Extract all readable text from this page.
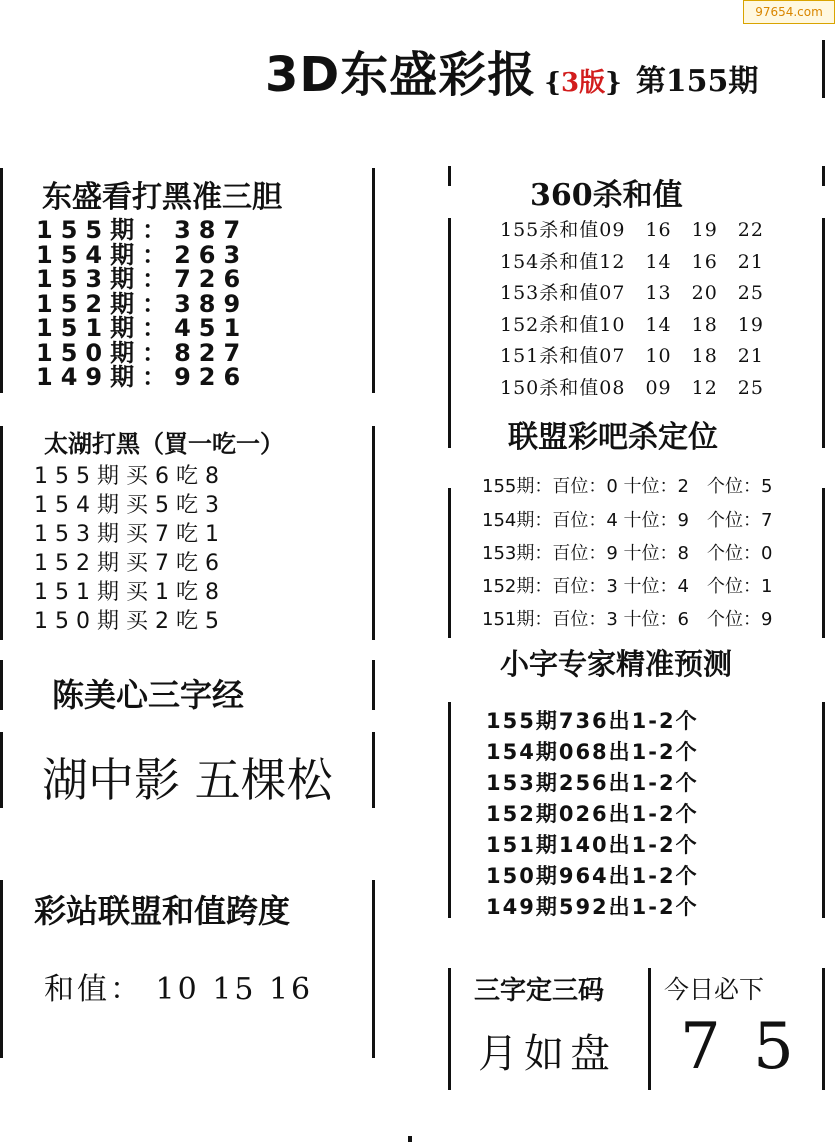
97654.com
3D东盛彩报 {3版} 第155期
东盛看打黑准三胆
155期：387
154期：263
153期：726
152期：389
151期：451
150期：827
149期：926
太湖打黑（買一吃一）
155期买6吃8
154期买5吃3
153期买7吃1
152期买7吃6
151期买1吃8
150期买2吃5
陈美心三字经
湖中影 五棵松
彩站联盟和值跨度
和值： 10 15 16
360杀和值
155杀和值09　16　19　22
154杀和值12　14　16　21
153杀和值07　13　20　25
152杀和值10　14　18　19
151杀和值07　10　18　21
150杀和值08　09　12　25
联盟彩吧杀定位
155期：百位：0 十位：2　个位：5
154期：百位：4 十位：9　个位：7
153期：百位：9 十位：8　个位：0
152期：百位：3 十位：4　个位：1
151期：百位：3 十位：6　个位：9
小字专家精准预测
155期736出1-2个
154期068出1-2个
153期256出1-2个
152期026出1-2个
151期140出1-2个
150期964出1-2个
149期592出1-2个
三字定三码
月如盘
今日必下
7 5
